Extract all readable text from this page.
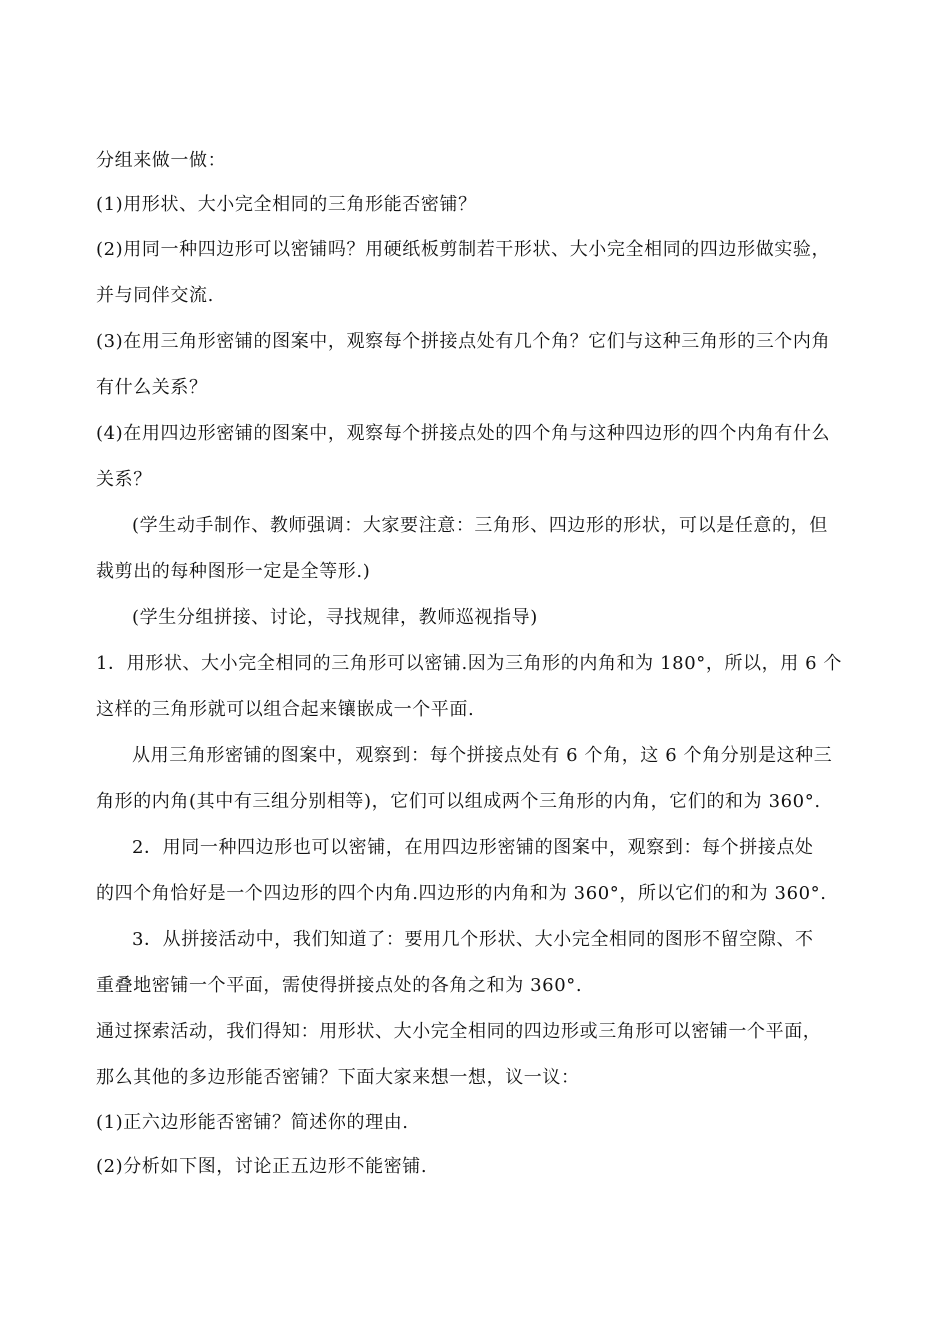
分组来做一做：
(1)用形状、大小完全相同的三角形能否密铺？
(2)用同一种四边形可以密铺吗？用硬纸板剪制若干形状、大小完全相同的四边形做实验，
并与同伴交流.
(3)在用三角形密铺的图案中，观察每个拼接点处有几个角？它们与这种三角形的三个内角
有什么关系？
(4)在用四边形密铺的图案中，观察每个拼接点处的四个角与这种四边形的四个内角有什么
关系？
(学生动手制作、教师强调：大家要注意：三角形、四边形的形状，可以是任意的，但
裁剪出的每种图形一定是全等形.)
(学生分组拼接、讨论，寻找规律，教师巡视指导)
1．用形状、大小完全相同的三角形可以密铺.因为三角形的内角和为 180°，所以，用 6 个
这样的三角形就可以组合起来镶嵌成一个平面.
从用三角形密铺的图案中，观察到：每个拼接点处有 6 个角，这 6 个角分别是这种三
角形的内角(其中有三组分别相等)，它们可以组成两个三角形的内角，它们的和为 360°.
2．用同一种四边形也可以密铺，在用四边形密铺的图案中，观察到：每个拼接点处
的四个角恰好是一个四边形的四个内角.四边形的内角和为 360°，所以它们的和为 360°.
3．从拼接活动中，我们知道了：要用几个形状、大小完全相同的图形不留空隙、不
重叠地密铺一个平面，需使得拼接点处的各角之和为 360°.
通过探索活动，我们得知：用形状、大小完全相同的四边形或三角形可以密铺一个平面，
那么其他的多边形能否密铺？下面大家来想一想，议一议：
(1)正六边形能否密铺？简述你的理由.
(2)分析如下图，讨论正五边形不能密铺.
